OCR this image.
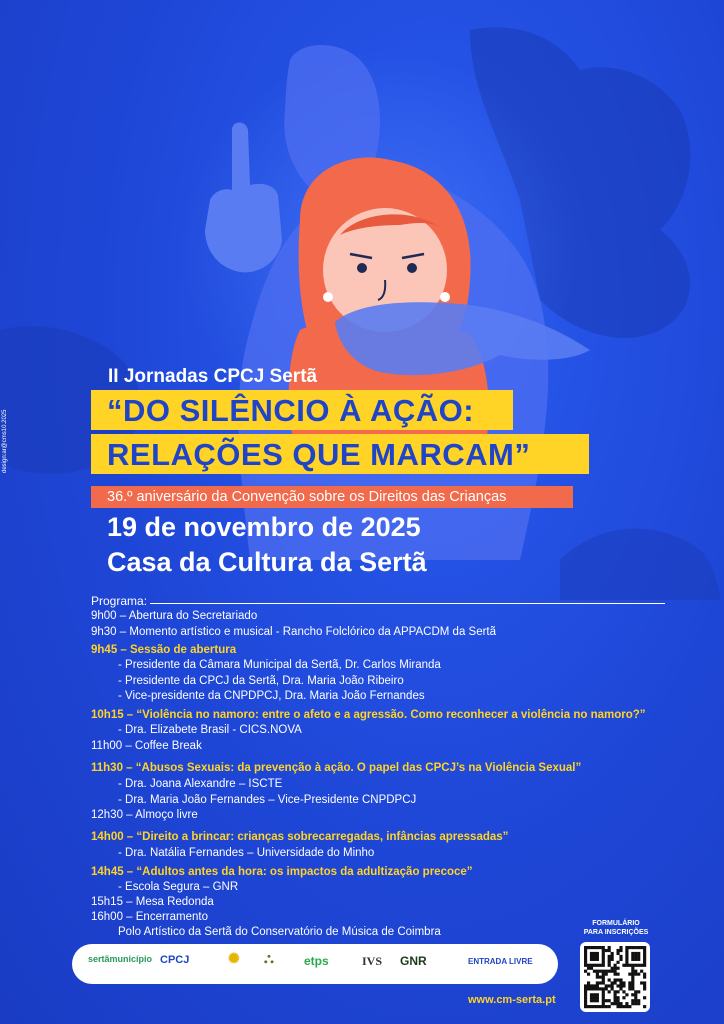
design:ar@cms10.2025
II Jornadas CPCJ Sertã
“DO SILÊNCIO À AÇÃO:
RELAÇÕES QUE MARCAM”
36.º aniversário da Convenção sobre os Direitos das Crianças
19 de novembro de 2025
Casa da Cultura da Sertã
Programa:
9h00 – Abertura do Secretariado
9h30 – Momento artístico e musical - Rancho Folclórico da APPACDM da Sertã
9h45 – Sessão de abertura
- Presidente da Câmara Municipal da Sertã, Dr. Carlos Miranda
- Presidente da CPCJ da Sertã, Dra. Maria João Ribeiro
- Vice-presidente da CNPDPCJ, Dra. Maria João Fernandes
10h15 – “Violência no namoro: entre o afeto e a agressão. Como reconhecer a violência no namoro?”
- Dra. Elizabete Brasil - CICS.NOVA
11h00 – Coffee Break
11h30 – “Abusos Sexuais: da prevenção à ação. O papel das CPCJ’s na Violência Sexual”
- Dra. Joana Alexandre – ISCTE
- Dra. Maria João Fernandes – Vice-Presidente CNPDPCJ
12h30 – Almoço livre
14h00 – “Direito a brincar: crianças sobrecarregadas, infâncias apressadas”
- Dra. Natália Fernandes – Universidade do Minho
14h45 – “Adultos antes da hora: os impactos da adultização precoce”
- Escola Segura – GNR
15h15 – Mesa Redonda
16h00 – Encerramento
Polo Artístico da Sertã do Conservatório de Música de Coimbra
sertãmunicípio CPCJ	✺ ⛬	etps	IVS GNR	ENTRADA LIVRE
www.cm-serta.pt
FORMULÁRIO
PARA INSCRIÇÕES
